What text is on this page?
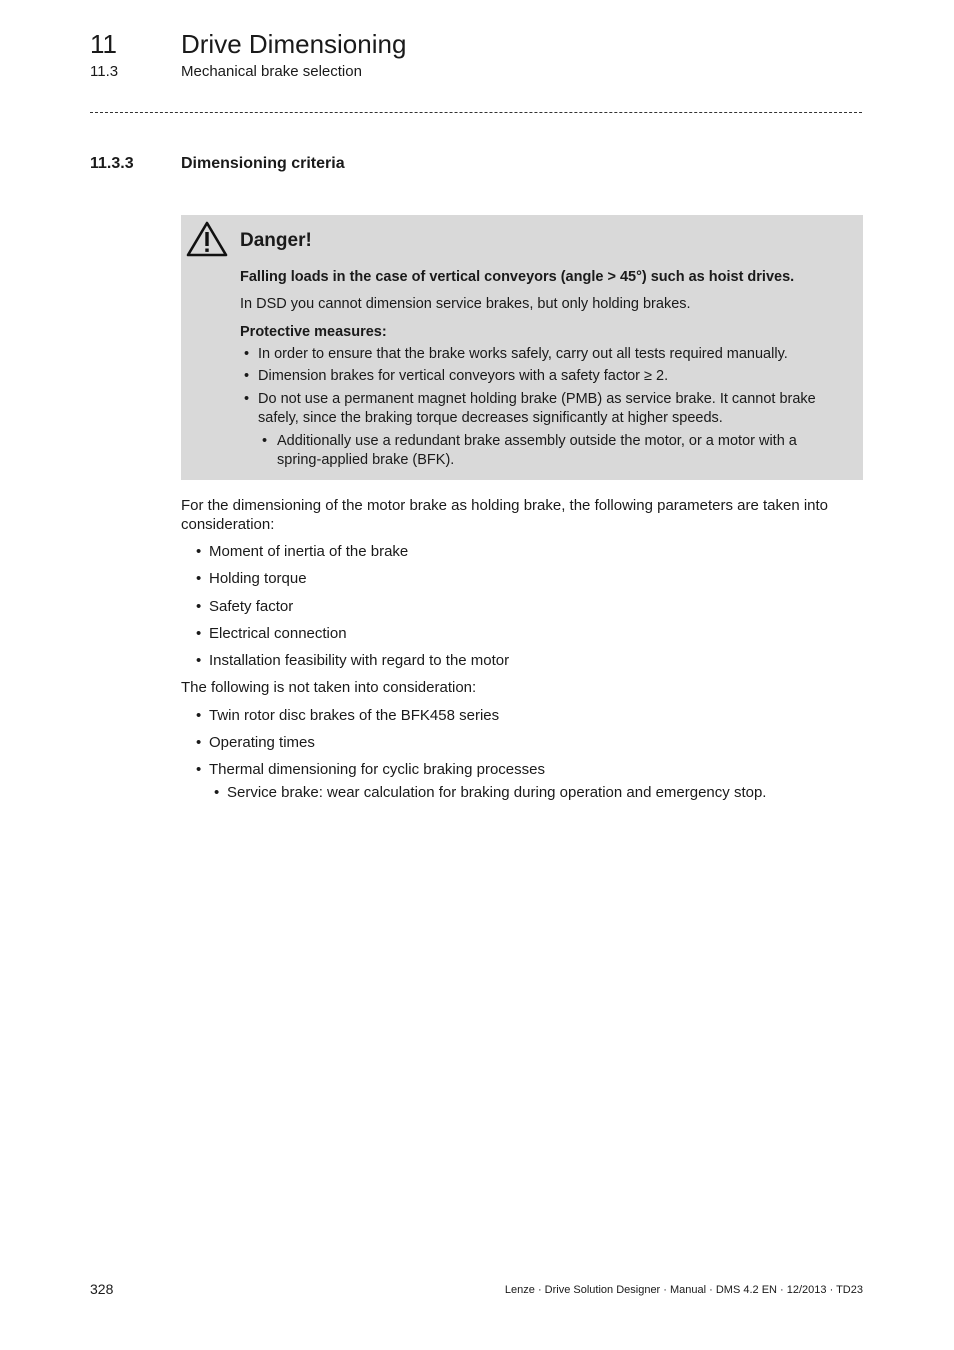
11 Drive Dimensioning
11.3	Mechanical brake selection
11.3.3	Dimensioning criteria
Danger!
Falling loads in the case of vertical conveyors (angle > 45°) such as hoist drives.
In DSD you cannot dimension service brakes, but only holding brakes.
Protective measures:
• In order to ensure that the brake works safely, carry out all tests required manually.
• Dimension brakes for vertical conveyors with a safety factor ≥ 2.
• Do not use a permanent magnet holding brake (PMB) as service brake. It cannot brake
safely, since the braking torque decreases significantly at higher speeds.
• Additionally use a redundant brake assembly outside the motor, or a motor with a
spring-applied brake (BFK).
For the dimensioning of the motor brake as holding brake, the following parameters are taken into
consideration:
• Moment of inertia of the brake
• Holding torque
• Safety factor
• Electrical connection
• Installation feasibility with regard to the motor
The following is not taken into consideration:
• Twin rotor disc brakes of the BFK458 series
• Operating times
• Thermal dimensioning for cyclic braking processes
• Service brake: wear calculation for braking during operation and emergency stop.
328	Lenze · Drive Solution Designer · Manual · DMS 4.2 EN · 12/2013 · TD23
